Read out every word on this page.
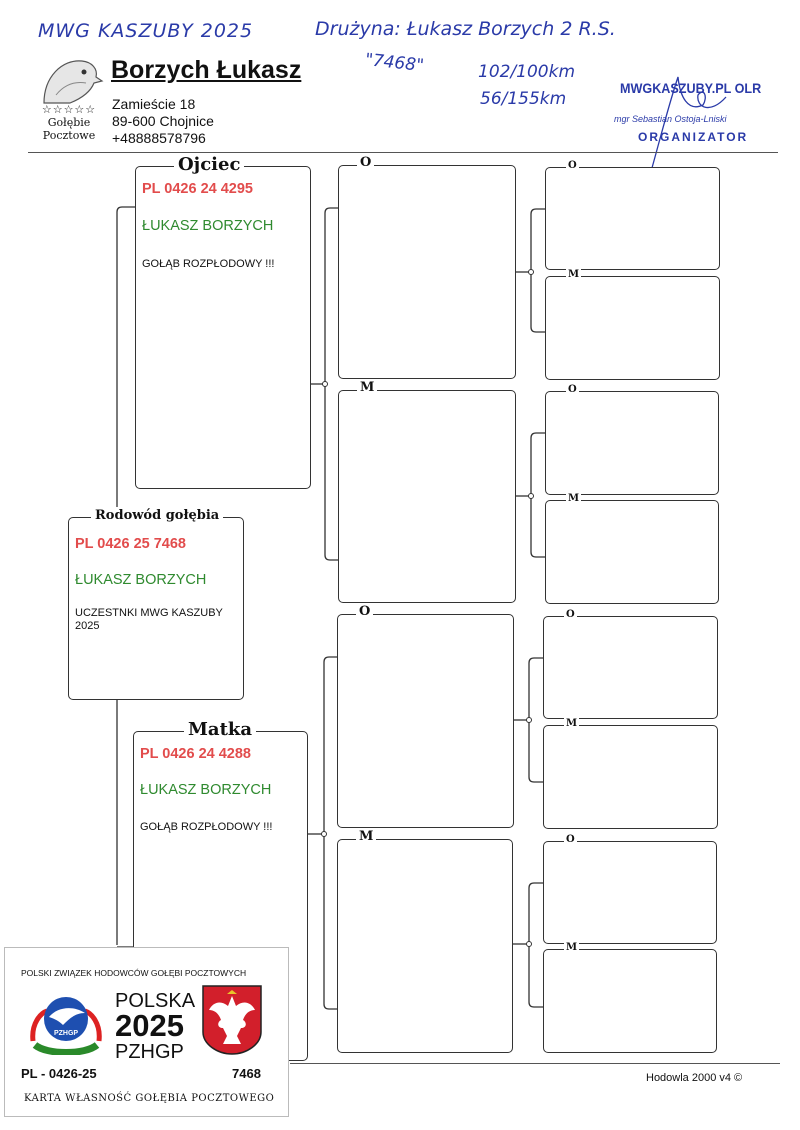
MWG KASZUBY 2025	Drużyna: Łukasz Borzych 2 R.S.
"7468"	102/100km
56/155km
☆☆☆☆☆
Gołębie
Pocztowe
Borzych Łukasz
Zamieście 18
89-600 Chojnice
+48888578796
MWGKASZUBY.PL OLR
mgr Sebastian Ostoja-Lniski
ORGANIZATOR
Ojciec
PL 0426 24 4295
ŁUKASZ BORZYCH
GOŁĄB ROZPŁODOWY !!!
Rodowód gołębia
PL 0426 25 7468
ŁUKASZ BORZYCH
UCZESTNKI MWG KASZUBY 2025
Matka
PL 0426 24 4288
ŁUKASZ BORZYCH
GOŁĄB ROZPŁODOWY !!!
O
M
O
M
O
M
O
M
O
M
O
M
Hodowla 2000 v4 ©
POLSKI ZWIĄZEK HODOWCÓW GOŁĘBI POCZTOWYCH
PZHGP
POLSKA
2025
PZHGP
PL - 0426-25	7468
KARTA WŁASNOŚĆ GOŁĘBIA POCZTOWEGO
